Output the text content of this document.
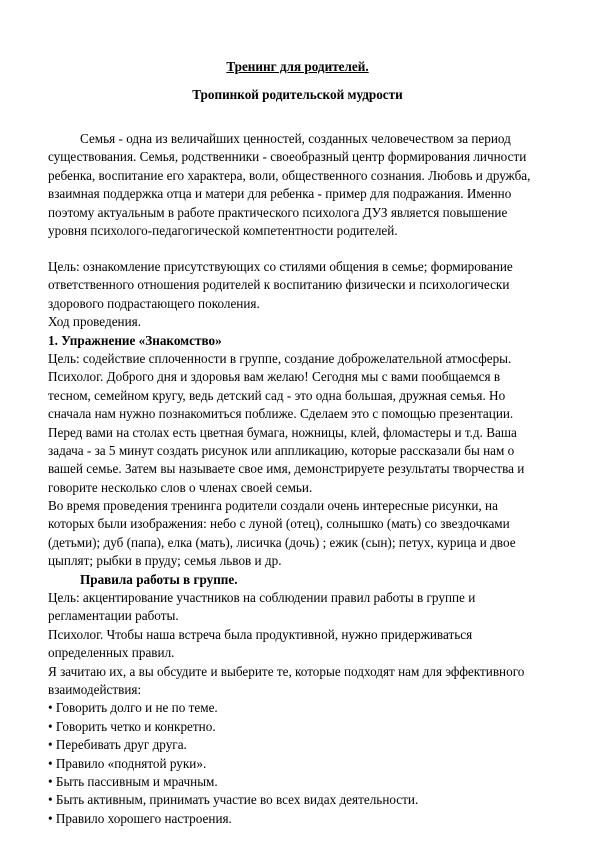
Тренинг для родителей.
Тропинкой родительской мудрости
Семья - одна из величайших ценностей, созданных человечеством за период
существования. Семья, родственники - своеобразный центр формирования личности
ребенка, воспитание его характера, воли, общественного сознания. Любовь и дружба,
взаимная поддержка отца и матери для ребенка - пример для подражания. Именно
поэтому актуальным в работе практического психолога ДУЗ является повышение
уровня психолого-педагогической компетентности родителей.
Цель: ознакомление присутствующих со стилями общения в семье; формирование
ответственного отношения родителей к воспитанию физически и психологически
здорового подрастающего поколения.
Ход проведения.
1. Упражнение «Знакомство»
Цель: содействие сплоченности в группе, создание доброжелательной атмосферы.
Психолог. Доброго дня и здоровья вам желаю! Сегодня мы с вами пообщаемся в
тесном, семейном кругу, ведь детский сад - это одна большая, дружная семья. Но
сначала нам нужно познакомиться поближе. Сделаем это с помощью презентации.
Перед вами на столах есть цветная бумага, ножницы, клей, фломастеры и т.д. Ваша
задача - за 5 минут создать рисунок или аппликацию, которые рассказали бы нам о
вашей семье. Затем вы называете свое имя, демонстрируете результаты творчества и
говорите несколько слов о членах своей семьи.
Во время проведения тренинга родители создали очень интересные рисунки, на
которых были изображения: небо с луной (отец), солнышко (мать) со звездочками
(детьми); дуб (папа), елка (мать), лисичка (дочь) ; ежик (сын); петух, курица и двое
цыплят; рыбки в пруду; семья львов и др.
Правила работы в группе.
Цель: акцентирование участников на соблюдении правил работы в группе и
регламентации работы.
Психолог. Чтобы наша встреча была продуктивной, нужно придерживаться
определенных правил.
Я зачитаю их, а вы обсудите и выберите те, которые подходят нам для эффективного
взаимодействия:
• Говорить долго и не по теме.
• Говорить четко и конкретно.
• Перебивать друг друга.
• Правило «поднятой руки».
• Быть пассивным и мрачным.
• Быть активным, принимать участие во всех видах деятельности.
• Правило хорошего настроения.
